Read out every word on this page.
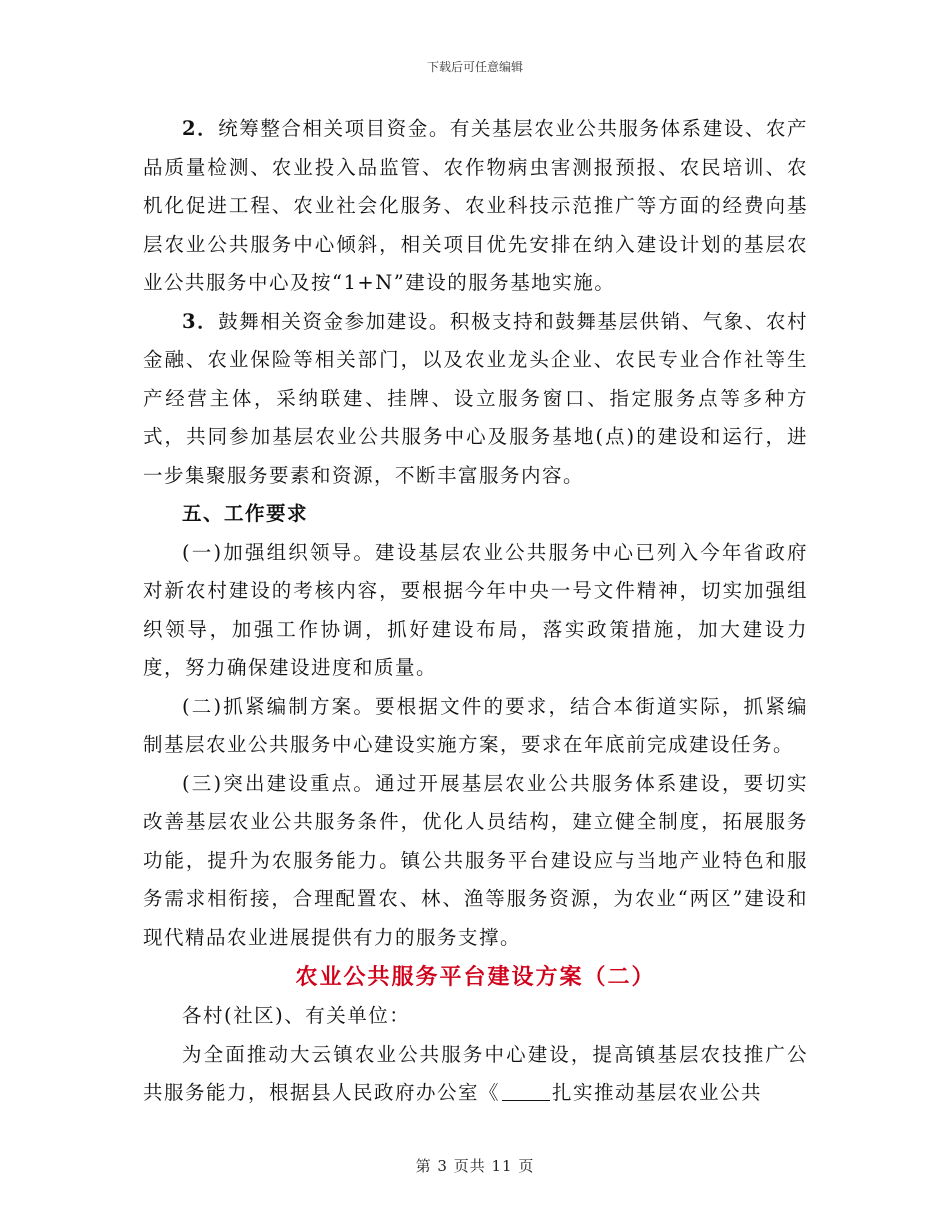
下载后可任意编辑

2．统筹整合相关项目资金。有关基层农业公共服务体系建设、农产品质量检测、农业投入品监管、农作物病虫害测报预报、农民培训、农机化促进工程、农业社会化服务、农业科技示范推广等方面的经费向基层农业公共服务中心倾斜，相关项目优先安排在纳入建设计划的基层农业公共服务中心及按“1+N”建设的服务基地实施。

3．鼓舞相关资金参加建设。积极支持和鼓舞基层供销、气象、农村金融、农业保险等相关部门，以及农业龙头企业、农民专业合作社等生产经营主体，采纳联建、挂牌、设立服务窗口、指定服务点等多种方式，共同参加基层农业公共服务中心及服务基地(点)的建设和运行，进一步集聚服务要素和资源，不断丰富服务内容。

五、工作要求

(一)加强组织领导。建设基层农业公共服务中心已列入今年省政府对新农村建设的考核内容，要根据今年中央一号文件精神，切实加强组织领导，加强工作协调，抓好建设布局，落实政策措施，加大建设力度，努力确保建设进度和质量。

(二)抓紧编制方案。要根据文件的要求，结合本街道实际，抓紧编制基层农业公共服务中心建设实施方案，要求在年底前完成建设任务。

(三)突出建设重点。通过开展基层农业公共服务体系建设，要切实改善基层农业公共服务条件，优化人员结构，建立健全制度，拓展服务功能，提升为农服务能力。镇公共服务平台建设应与当地产业特色和服务需求相衔接，合理配置农、林、渔等服务资源，为农业“两区”建设和现代精品农业进展提供有力的服务支撑。

农业公共服务平台建设方案（二）

各村(社区)、有关单位：

为全面推动大云镇农业公共服务中心建设，提高镇基层农技推广公共服务能力，根据县人民政府办公室《	扎实推动基层农业公共

第 3 页共 11 页
